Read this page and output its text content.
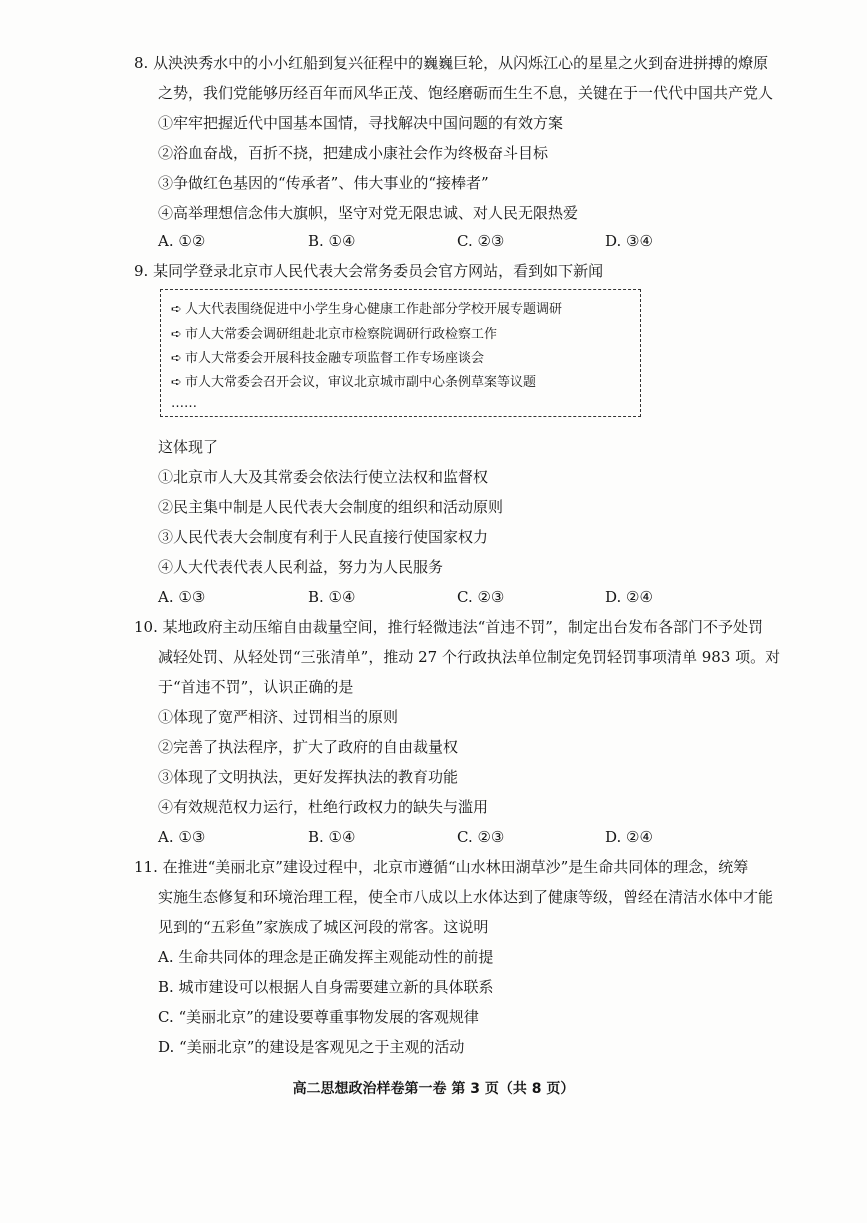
8. 从泱泱秀水中的小小红船到复兴征程中的巍巍巨轮，从闪烁江心的星星之火到奋进拼搏的燎原
之势，我们党能够历经百年而风华正茂、饱经磨砺而生生不息，关键在于一代代中国共产党人
①牢牢把握近代中国基本国情，寻找解决中国问题的有效方案
②浴血奋战，百折不挠，把建成小康社会作为终极奋斗目标
③争做红色基因的“传承者”、伟大事业的“接棒者”
④高举理想信念伟大旗帜，坚守对党无限忠诚、对人民无限热爱
A. ①②	B. ①④	C. ②③	D. ③④
9. 某同学登录北京市人民代表大会常务委员会官方网站，看到如下新闻
➪ 人大代表围绕促进中小学生身心健康工作赴部分学校开展专题调研
➪ 市人大常委会调研组赴北京市检察院调研行政检察工作
➪ 市人大常委会开展科技金融专项监督工作专场座谈会
➪ 市人大常委会召开会议，审议北京城市副中心条例草案等议题
……
这体现了
①北京市人大及其常委会依法行使立法权和监督权
②民主集中制是人民代表大会制度的组织和活动原则
③人民代表大会制度有利于人民直接行使国家权力
④人大代表代表人民利益，努力为人民服务
A. ①③	B. ①④	C. ②③	D. ②④
10. 某地政府主动压缩自由裁量空间，推行轻微违法“首违不罚”，制定出台发布各部门不予处罚
减轻处罚、从轻处罚“三张清单”，推动 27 个行政执法单位制定免罚轻罚事项清单 983 项。对
于“首违不罚”，认识正确的是
①体现了宽严相济、过罚相当的原则
②完善了执法程序，扩大了政府的自由裁量权
③体现了文明执法，更好发挥执法的教育功能
④有效规范权力运行，杜绝行政权力的缺失与滥用
A. ①③	B. ①④	C. ②③	D. ②④
11. 在推进“美丽北京”建设过程中，北京市遵循“山水林田湖草沙”是生命共同体的理念，统筹
实施生态修复和环境治理工程，使全市八成以上水体达到了健康等级，曾经在清洁水体中才能
见到的“五彩鱼”家族成了城区河段的常客。这说明
A. 生命共同体的理念是正确发挥主观能动性的前提
B. 城市建设可以根据人自身需要建立新的具体联系
C. “美丽北京”的建设要尊重事物发展的客观规律
D. “美丽北京”的建设是客观见之于主观的活动
高二思想政治样卷第一卷 第 3 页（共 8 页）
